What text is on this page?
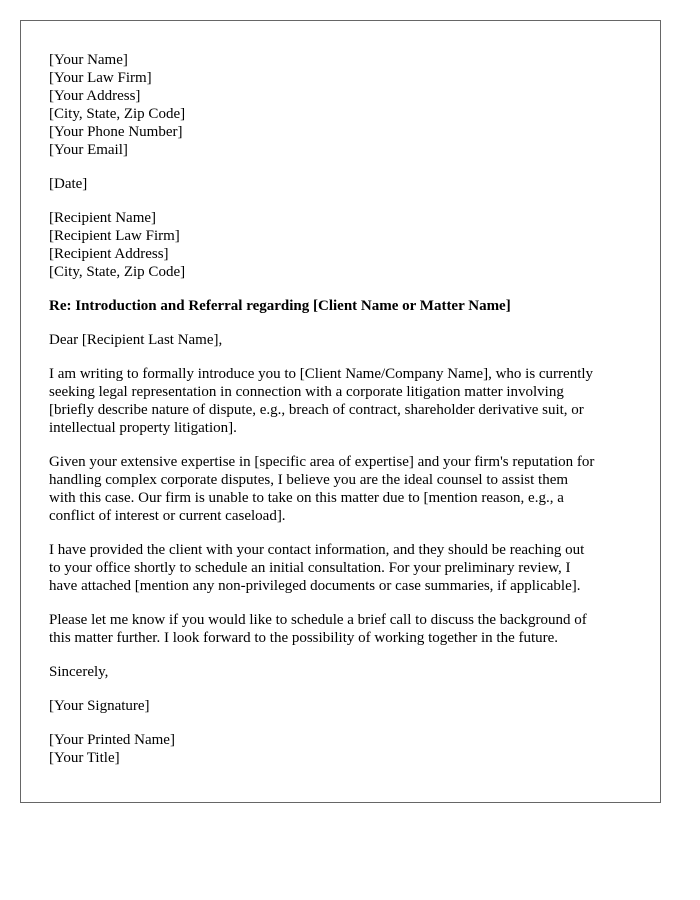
[Your Name]
[Your Law Firm]
[Your Address]
[City, State, Zip Code]
[Your Phone Number]
[Your Email]
[Date]
[Recipient Name]
[Recipient Law Firm]
[Recipient Address]
[City, State, Zip Code]
Re: Introduction and Referral regarding [Client Name or Matter Name]
Dear [Recipient Last Name],
I am writing to formally introduce you to [Client Name/Company Name], who is currently
seeking legal representation in connection with a corporate litigation matter involving
[briefly describe nature of dispute, e.g., breach of contract, shareholder derivative suit, or
intellectual property litigation].
Given your extensive expertise in [specific area of expertise] and your firm's reputation for
handling complex corporate disputes, I believe you are the ideal counsel to assist them
with this case. Our firm is unable to take on this matter due to [mention reason, e.g., a
conflict of interest or current caseload].
I have provided the client with your contact information, and they should be reaching out
to your office shortly to schedule an initial consultation. For your preliminary review, I
have attached [mention any non-privileged documents or case summaries, if applicable].
Please let me know if you would like to schedule a brief call to discuss the background of
this matter further. I look forward to the possibility of working together in the future.
Sincerely,
[Your Signature]
[Your Printed Name]
[Your Title]
